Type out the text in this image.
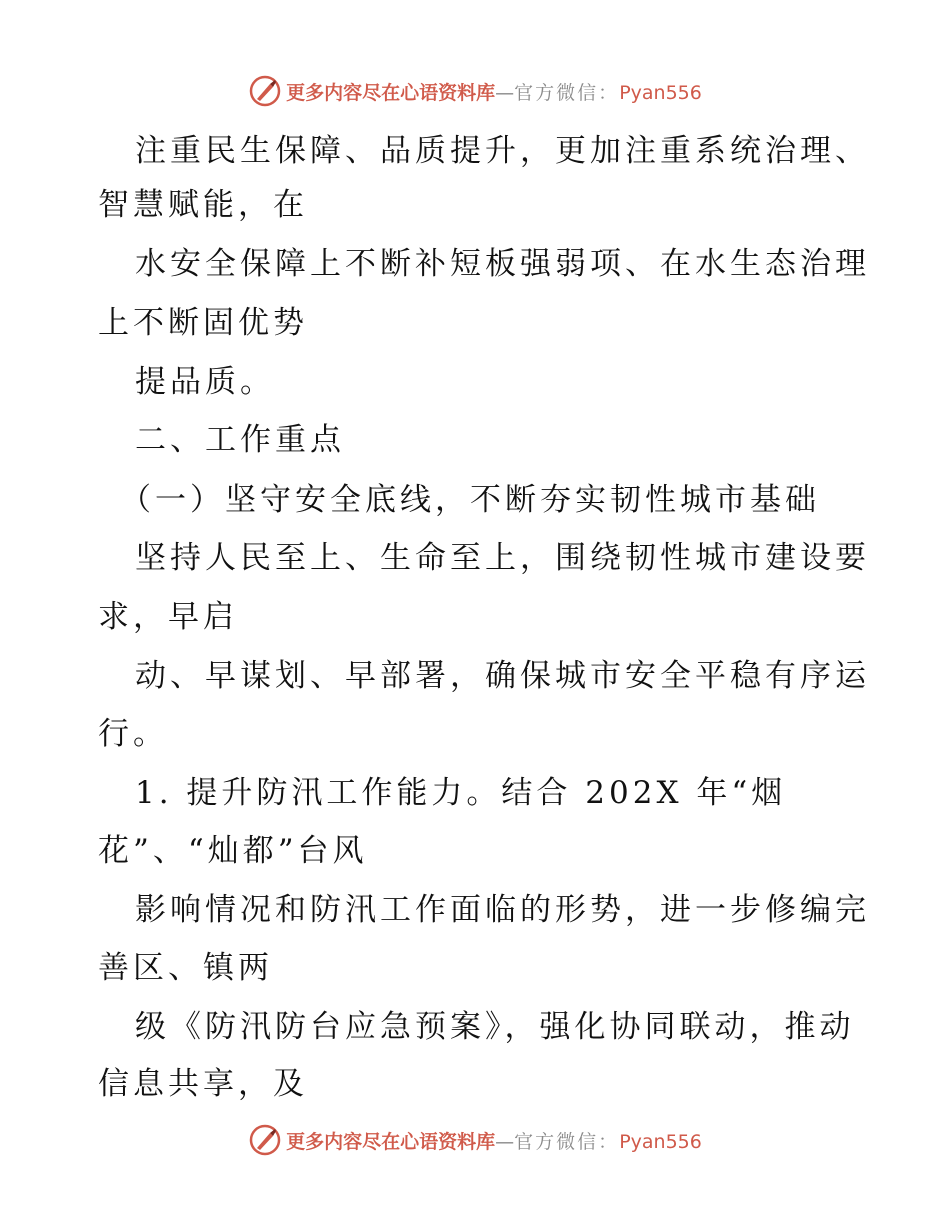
更多内容尽在心语资料库—官方微信：Pyan556
注重民生保障、品质提升，更加注重系统治理、
智慧赋能，在
水安全保障上不断补短板强弱项、在水生态治理
上不断固优势
提品质。
二、工作重点
（一）坚守安全底线，不断夯实韧性城市基础
坚持人民至上、生命至上，围绕韧性城市建设要
求，早启
动、早谋划、早部署，确保城市安全平稳有序运
行。
1. 提升防汛工作能力。结合 202X 年“烟
花”、“灿都”台风
影响情况和防汛工作面临的形势，进一步修编完
善区、镇两
级《防汛防台应急预案》，强化协同联动，推动
信息共享，及
更多内容尽在心语资料库—官方微信：Pyan556
